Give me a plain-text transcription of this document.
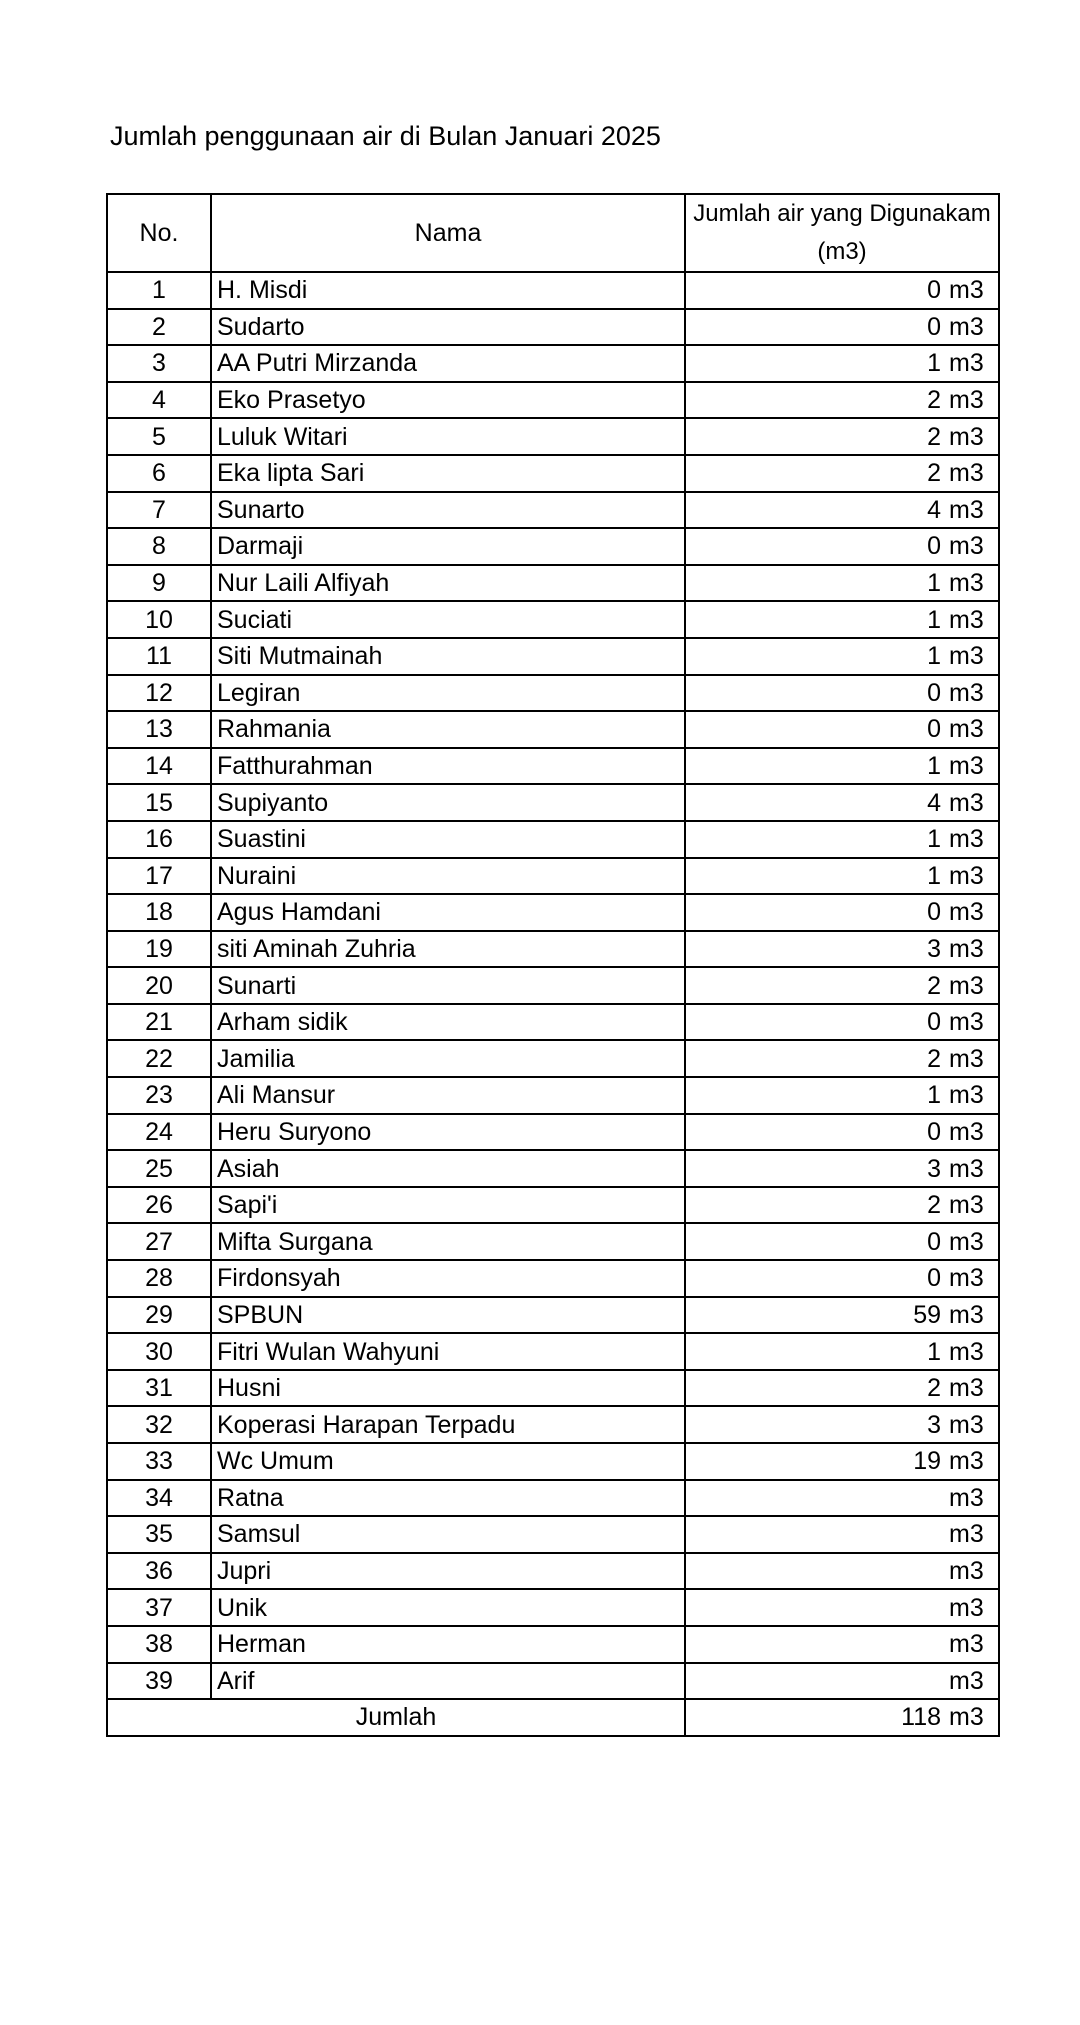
Jumlah penggunaan air di Bulan Januari 2025
No.	Nama	Jumlah air yang Digunakam (m3)	
1	H. Misdi	0	m3
2	Sudarto	0	m3
3	AA Putri Mirzanda	1	m3
4	Eko Prasetyo	2	m3
5	Luluk Witari	2	m3
6	Eka lipta Sari	2	m3
7	Sunarto	4	m3
8	Darmaji	0	m3
9	Nur Laili Alfiyah	1	m3
10	Suciati	1	m3
11	Siti Mutmainah	1	m3
12	Legiran	0	m3
13	Rahmania	0	m3
14	Fatthurahman	1	m3
15	Supiyanto	4	m3
16	Suastini	1	m3
17	Nuraini	1	m3
18	Agus Hamdani	0	m3
19	siti Aminah Zuhria	3	m3
20	Sunarti	2	m3
21	Arham sidik	0	m3
22	Jamilia	2	m3
23	Ali Mansur	1	m3
24	Heru Suryono	0	m3
25	Asiah	3	m3
26	Sapi'i	2	m3
27	Mifta Surgana	0	m3
28	Firdonsyah	0	m3
29	SPBUN	59	m3
30	Fitri Wulan Wahyuni	1	m3
31	Husni	2	m3
32	Koperasi Harapan Terpadu	3	m3
33	Wc Umum	19	m3
34	Ratna		m3
35	Samsul		m3
36	Jupri		m3
37	Unik		m3
38	Herman		m3
39	Arif		m3
Jumlah		118	m3
